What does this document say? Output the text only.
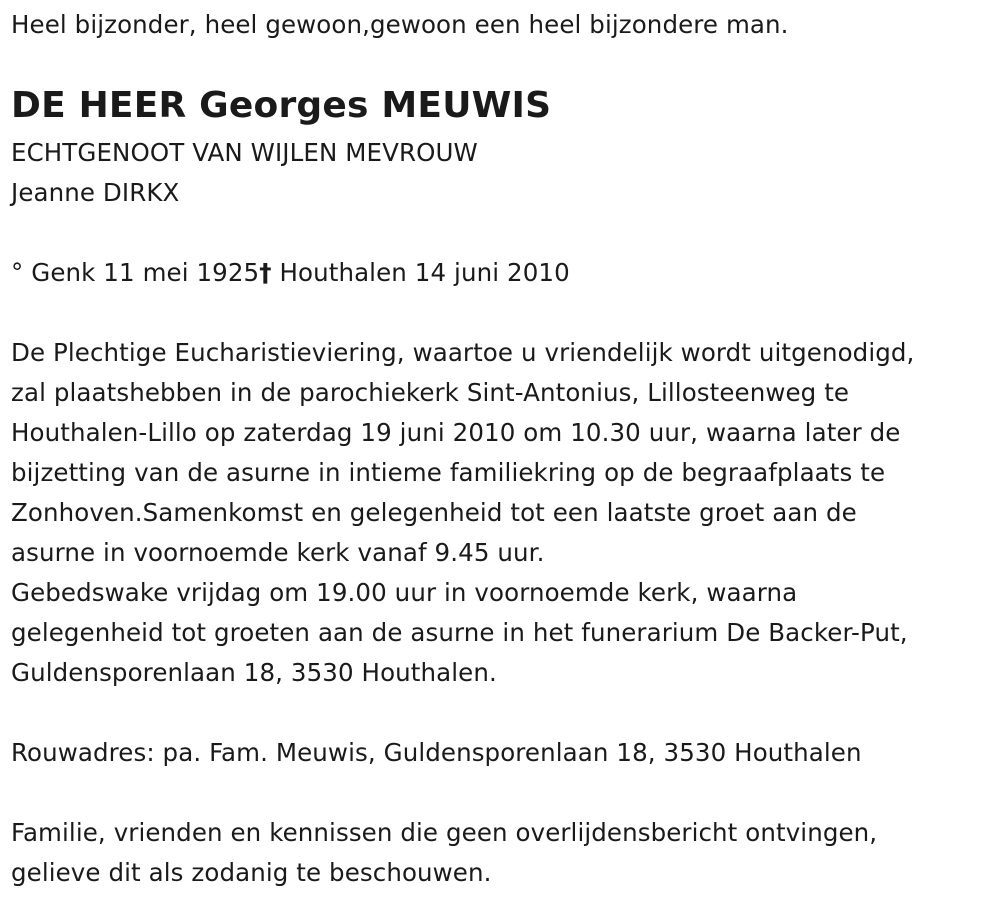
Heel bijzonder, heel gewoon,gewoon een heel bijzondere man.
DE HEER Georges MEUWIS
ECHTGENOOT VAN WIJLEN MEVROUW
Jeanne DIRKX
° Genk 11 mei 1925† Houthalen 14 juni 2010
De Plechtige Eucharistieviering, waartoe u vriendelijk wordt uitgenodigd,
zal plaatshebben in de parochiekerk Sint-Antonius, Lillosteenweg te
Houthalen-Lillo op zaterdag 19 juni 2010 om 10.30 uur, waarna later de
bijzetting van de asurne in intieme familiekring op de begraafplaats te
Zonhoven.Samenkomst en gelegenheid tot een laatste groet aan de
asurne in voornoemde kerk vanaf 9.45 uur.
Gebedswake vrijdag om 19.00 uur in voornoemde kerk, waarna
gelegenheid tot groeten aan de asurne in het funerarium De Backer-Put,
Guldensporenlaan 18, 3530 Houthalen.
Rouwadres: pa. Fam. Meuwis, Guldensporenlaan 18, 3530 Houthalen
Familie, vrienden en kennissen die geen overlijdensbericht ontvingen,
gelieve dit als zodanig te beschouwen.
